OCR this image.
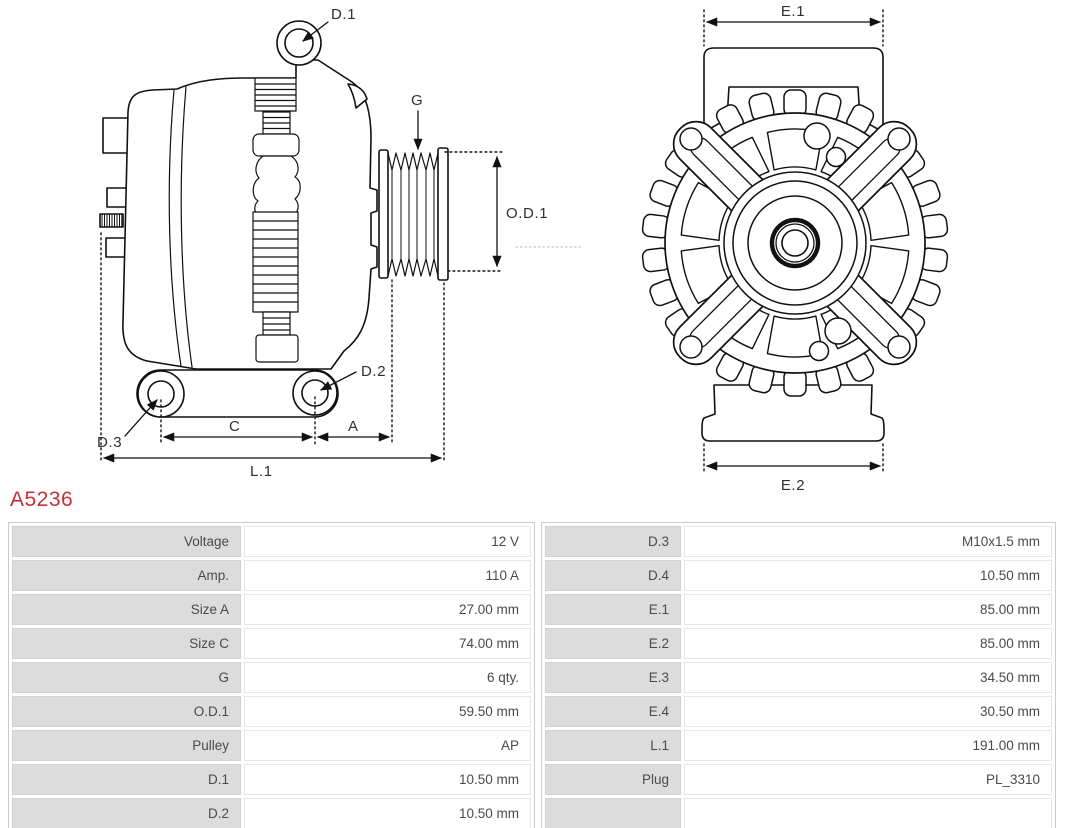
D.1
G
O.D.1
D.2
D.3
C	A
L.1
E.1
E.2
A5236
Voltage	12 V
Amp.	110 A
Size A	27.00 mm
Size C	74.00 mm
G	6 qty.
O.D.1	59.50 mm
Pulley	AP
D.1	10.50 mm
D.2	10.50 mm
D.3	M10x1.5 mm
D.4	10.50 mm
E.1	85.00 mm
E.2	85.00 mm
E.3	34.50 mm
E.4	30.50 mm
L.1	191.00 mm
Plug	PL_3310
